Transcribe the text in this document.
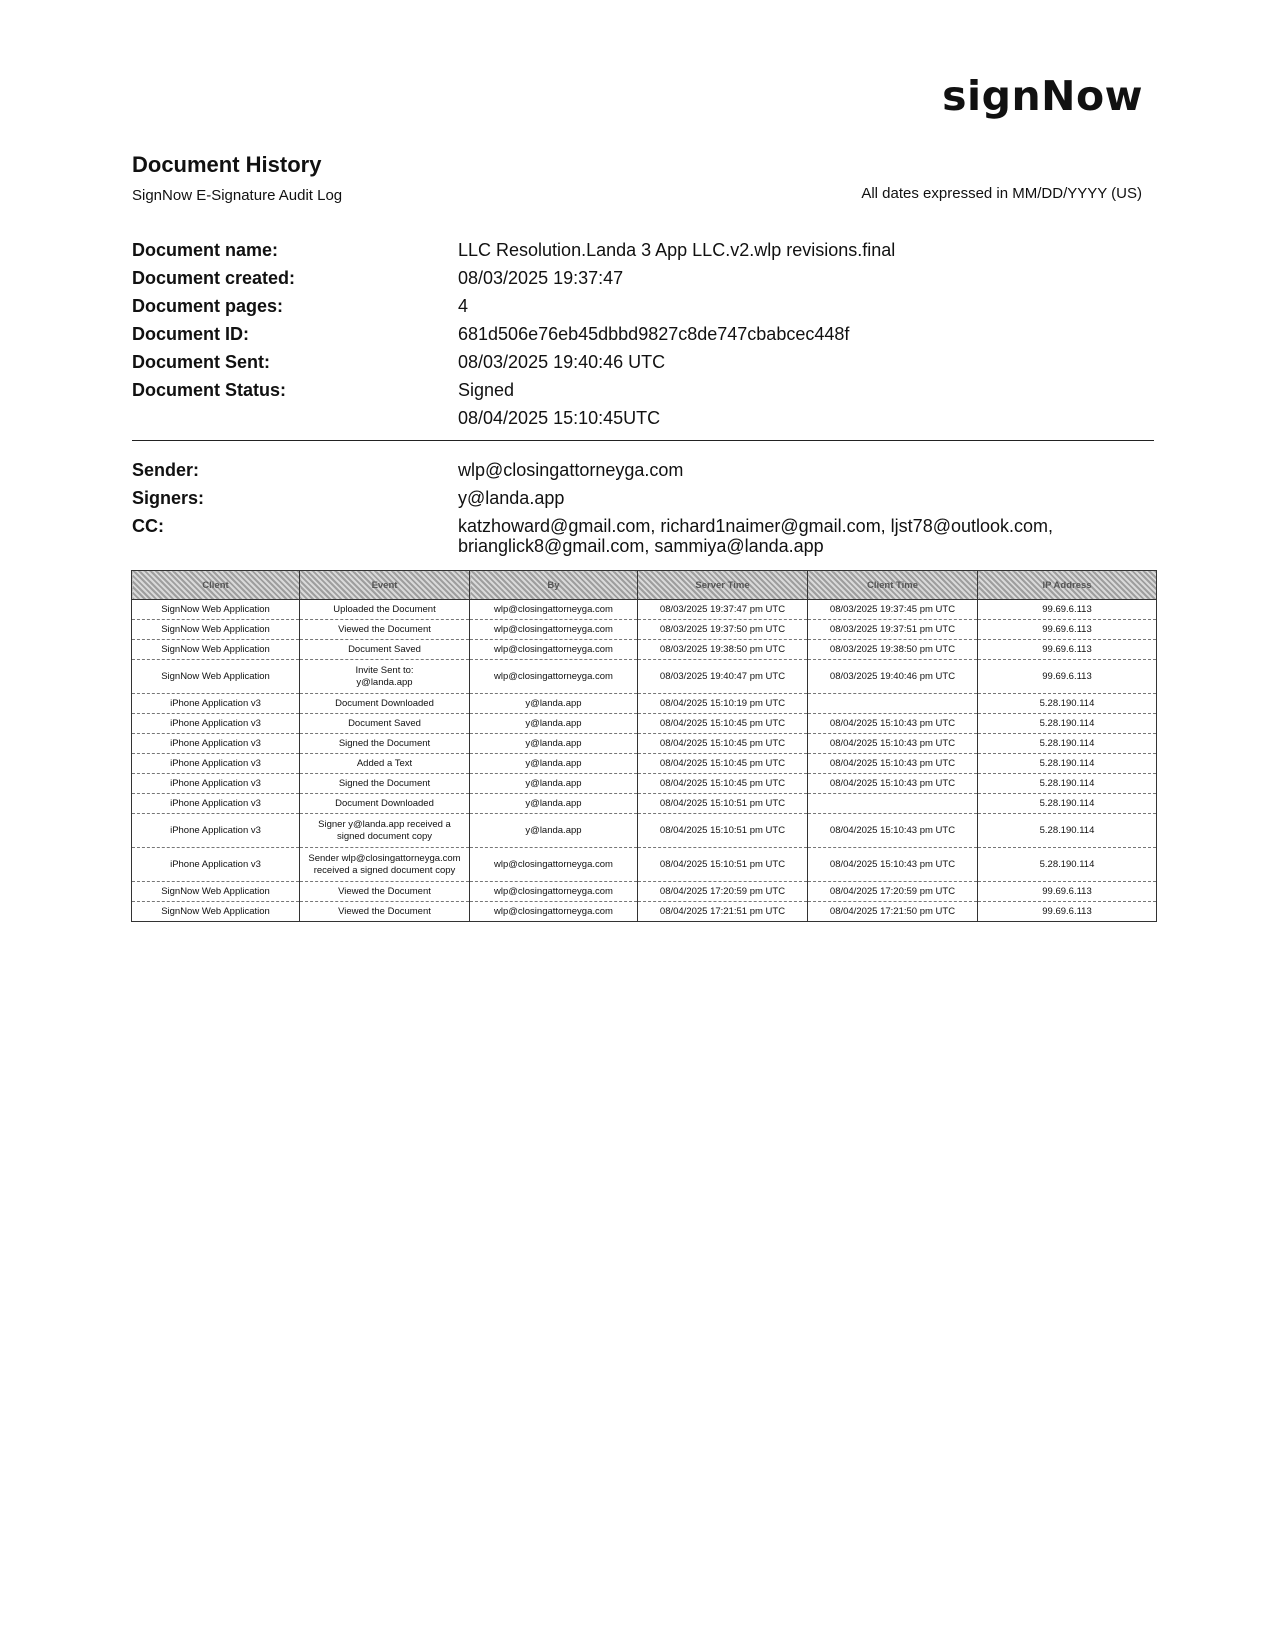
signNow
Document History
SignNow E-Signature Audit Log	All dates expressed in MM/DD/YYYY (US)
Document name:	LLC Resolution.Landa 3 App LLC.v2.wlp revisions.final
Document created:	08/03/2025 19:37:47
Document pages:	4
Document ID:	681d506e76eb45dbbd9827c8de747cbabcec448f
Document Sent:	08/03/2025 19:40:46 UTC
Document Status:	Signed
08/04/2025 15:10:45UTC
Sender:	wlp@closingattorneyga.com
Signers:	y@landa.app
CC:	katzhoward@gmail.com, richard1naimer@gmail.com, ljst78@outlook.com,
brianglick8@gmail.com, sammiya@landa.app
Client	Event	By	Server Time	Client Time	IP Address
SignNow Web Application	Uploaded the Document	wlp@closingattorneyga.com	08/03/2025 19:37:47 pm UTC	08/03/2025 19:37:45 pm UTC	99.69.6.113
SignNow Web Application	Viewed the Document	wlp@closingattorneyga.com	08/03/2025 19:37:50 pm UTC	08/03/2025 19:37:51 pm UTC	99.69.6.113
SignNow Web Application	Document Saved	wlp@closingattorneyga.com	08/03/2025 19:38:50 pm UTC	08/03/2025 19:38:50 pm UTC	99.69.6.113
SignNow Web Application	Invite Sent to:
y@landa.app	wlp@closingattorneyga.com	08/03/2025 19:40:47 pm UTC	08/03/2025 19:40:46 pm UTC	99.69.6.113
iPhone Application v3	Document Downloaded	y@landa.app	08/04/2025 15:10:19 pm UTC		5.28.190.114
iPhone Application v3	Document Saved	y@landa.app	08/04/2025 15:10:45 pm UTC	08/04/2025 15:10:43 pm UTC	5.28.190.114
iPhone Application v3	Signed the Document	y@landa.app	08/04/2025 15:10:45 pm UTC	08/04/2025 15:10:43 pm UTC	5.28.190.114
iPhone Application v3	Added a Text	y@landa.app	08/04/2025 15:10:45 pm UTC	08/04/2025 15:10:43 pm UTC	5.28.190.114
iPhone Application v3	Signed the Document	y@landa.app	08/04/2025 15:10:45 pm UTC	08/04/2025 15:10:43 pm UTC	5.28.190.114
iPhone Application v3	Document Downloaded	y@landa.app	08/04/2025 15:10:51 pm UTC		5.28.190.114
iPhone Application v3	Signer y@landa.app received a
signed document copy	y@landa.app	08/04/2025 15:10:51 pm UTC	08/04/2025 15:10:43 pm UTC	5.28.190.114
iPhone Application v3	Sender wlp@closingattorneyga.com
received a signed document copy	wlp@closingattorneyga.com	08/04/2025 15:10:51 pm UTC	08/04/2025 15:10:43 pm UTC	5.28.190.114
SignNow Web Application	Viewed the Document	wlp@closingattorneyga.com	08/04/2025 17:20:59 pm UTC	08/04/2025 17:20:59 pm UTC	99.69.6.113
SignNow Web Application	Viewed the Document	wlp@closingattorneyga.com	08/04/2025 17:21:51 pm UTC	08/04/2025 17:21:50 pm UTC	99.69.6.113
